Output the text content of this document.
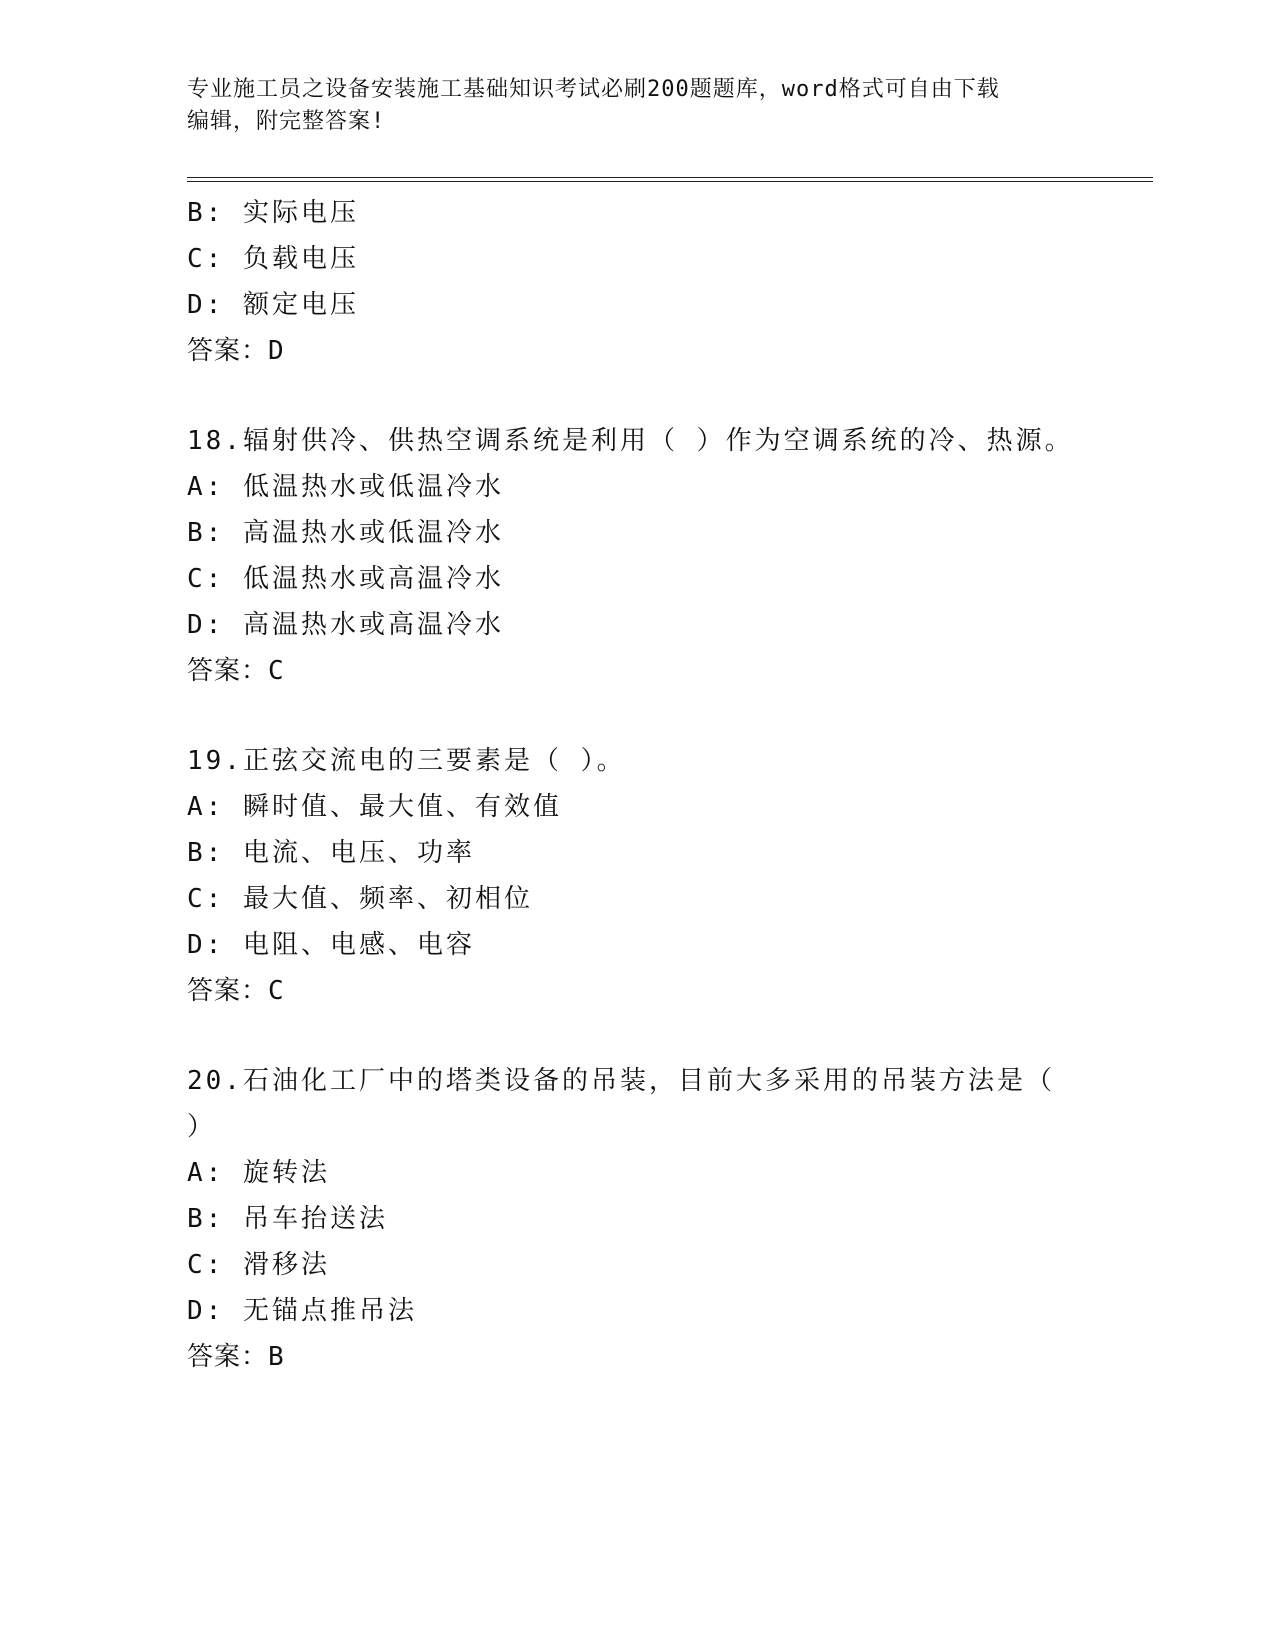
专业施工员之设备安装施工基础知识考试必刷200题题库，word格式可自由下载
编辑，附完整答案!
B: 实际电压
C: 负载电压
D: 额定电压
答案：D
18.辐射供冷、供热空调系统是利用（ ）作为空调系统的冷、热源。
A: 低温热水或低温冷水
B: 高温热水或低温冷水
C: 低温热水或高温冷水
D: 高温热水或高温冷水
答案：C
19.正弦交流电的三要素是（ ）。
A: 瞬时值、最大值、有效值
B: 电流、电压、功率
C: 最大值、频率、初相位
D: 电阻、电感、电容
答案：C
20.石油化工厂中的塔类设备的吊装，目前大多采用的吊装方法是（
）
A: 旋转法
B: 吊车抬送法
C: 滑移法
D: 无锚点推吊法
答案：B
